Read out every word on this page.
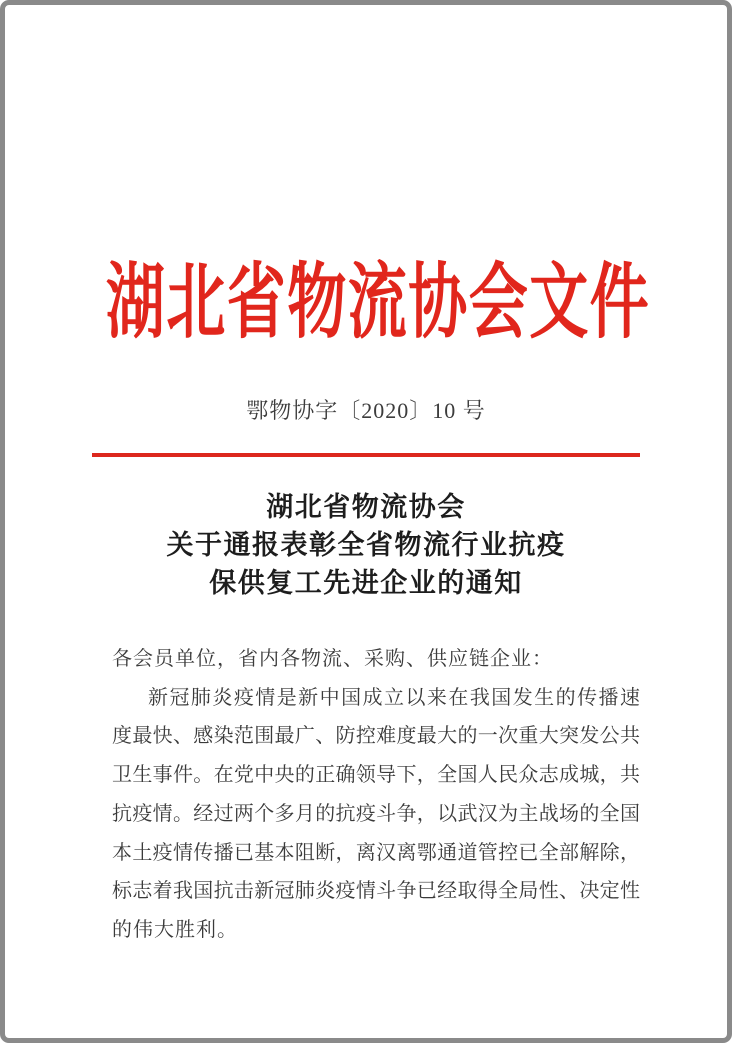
湖北省物流协会文件
鄂物协字〔2020〕10 号
湖北省物流协会
关于通报表彰全省物流行业抗疫
保供复工先进企业的通知
各会员单位，省内各物流、采购、供应链企业：
新冠肺炎疫情是新中国成立以来在我国发生的传播速
度最快、感染范围最广、防控难度最大的一次重大突发公共
卫生事件。在党中央的正确领导下，全国人民众志成城，共
抗疫情。经过两个多月的抗疫斗争，以武汉为主战场的全国
本土疫情传播已基本阻断，离汉离鄂通道管控已全部解除，
标志着我国抗击新冠肺炎疫情斗争已经取得全局性、决定性
的伟大胜利。
